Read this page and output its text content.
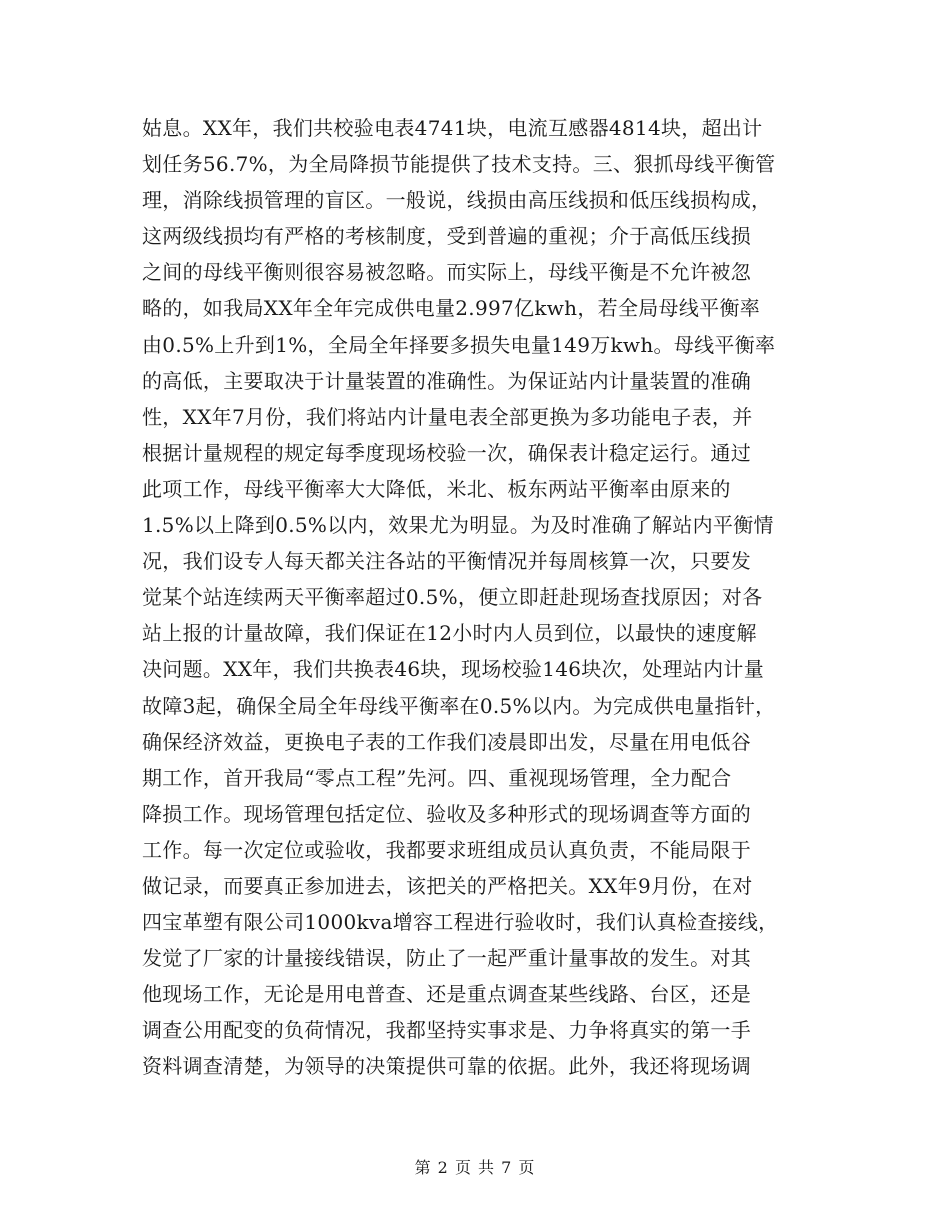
姑息。XX年，我们共校验电表4741块，电流互感器4814块，超出计
划任务56.7%，为全局降损节能提供了技术支持。三、狠抓母线平衡管
理，消除线损管理的盲区。一般说，线损由高压线损和低压线损构成，
这两级线损均有严格的考核制度，受到普遍的重视；介于高低压线损
之间的母线平衡则很容易被忽略。而实际上，母线平衡是不允许被忽
略的，如我局XX年全年完成供电量2.997亿kwh，若全局母线平衡率
由0.5%上升到1%，全局全年择要多损失电量149万kwh。母线平衡率
的高低，主要取决于计量装置的准确性。为保证站内计量装置的准确
性，XX年7月份，我们将站内计量电表全部更换为多功能电子表，并
根据计量规程的规定每季度现场校验一次，确保表计稳定运行。通过
此项工作，母线平衡率大大降低，米北、板东两站平衡率由原来的
1.5%以上降到0.5%以内，效果尤为明显。为及时准确了解站内平衡情
况，我们设专人每天都关注各站的平衡情况并每周核算一次，只要发
觉某个站连续两天平衡率超过0.5%，便立即赶赴现场查找原因；对各
站上报的计量故障，我们保证在12小时内人员到位，以最快的速度解
决问题。XX年，我们共换表46块，现场校验146块次，处理站内计量
故障3起，确保全局全年母线平衡率在0.5%以内。为完成供电量指针，
确保经济效益，更换电子表的工作我们凌晨即出发，尽量在用电低谷
期工作，首开我局“零点工程”先河。四、重视现场管理，全力配合
降损工作。现场管理包括定位、验收及多种形式的现场调查等方面的
工作。每一次定位或验收，我都要求班组成员认真负责，不能局限于
做记录，而要真正参加进去，该把关的严格把关。XX年9月份，在对
四宝革塑有限公司1000kva增容工程进行验收时，我们认真检查接线，
发觉了厂家的计量接线错误，防止了一起严重计量事故的发生。对其
他现场工作，无论是用电普查、还是重点调查某些线路、台区，还是
调查公用配变的负荷情况，我都坚持实事求是、力争将真实的第一手
资料调查清楚，为领导的决策提供可靠的依据。此外，我还将现场调
第 2 页 共 7 页
